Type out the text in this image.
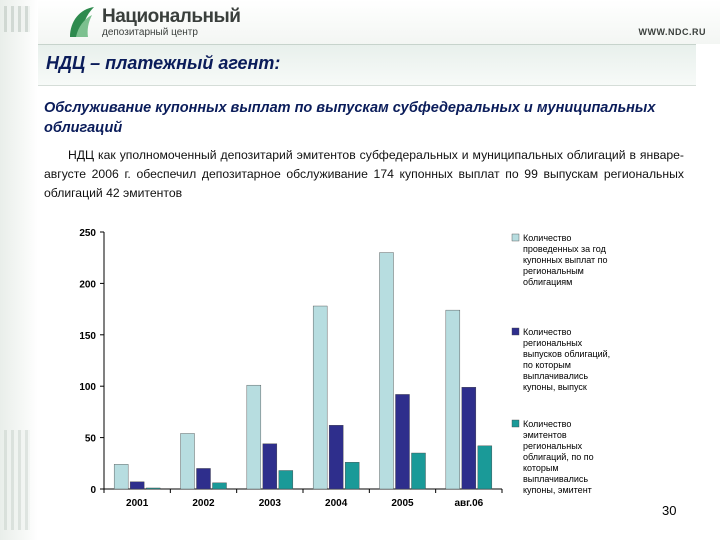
Национальный
депозитарный центр	WWW.NDC.RU
НДЦ – платежный агент:
Обслуживание купонных выплат по выпускам субфедеральных и муниципальных облигаций
НДЦ как уполномоченный депозитарий эмитентов субфедеральных и муниципальных облигаций в январе-августе 2006 г. обеспечил депозитарное обслуживание 174 купонных выплат по 99 выпускам региональных облигаций 42 эмитентов
0
50
100
150
200
250
2001	2002	2003	2004	2005	авг.06
Количество
проведенных за год
купонных выплат по
региональным
облигациям
Количество
региональных
выпусков облигаций,
по которым
выплачивались
купоны, выпуск
Количество
эмитентов
региональных
облигаций, по по
которым
выплачивались
купоны, эмитент
30
